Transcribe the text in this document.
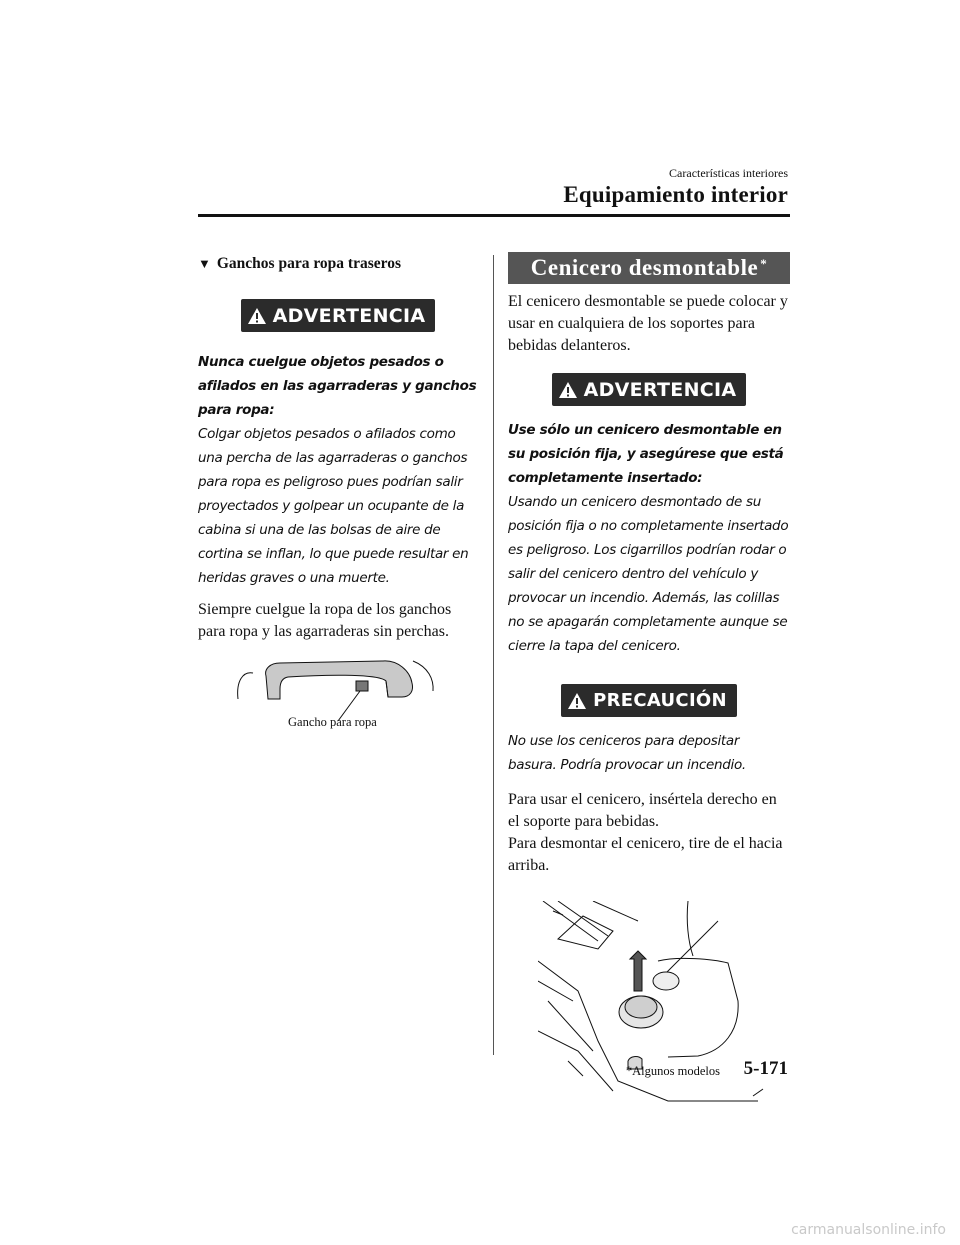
Características interiores
Equipamiento interior
▼ Ganchos para ropa traseros
ADVERTENCIA
Nunca cuelgue objetos pesados o afilados en las agarraderas y ganchos para ropa:
Colgar objetos pesados o afilados como una percha de las agarraderas o ganchos para ropa es peligroso pues podrían salir proyectados y golpear un ocupante de la cabina si una de las bolsas de aire de cortina se inflan, lo que puede resultar en heridas graves o una muerte.
Siempre cuelgue la ropa de los ganchos para ropa y las agarraderas sin perchas.
Gancho para ropa
Cenicero desmontable*
El cenicero desmontable se puede colocar y usar en cualquiera de los soportes para bebidas delanteros.
ADVERTENCIA
Use sólo un cenicero desmontable en su posición fija, y asegúrese que está completamente insertado:
Usando un cenicero desmontado de su posición fija o no completamente insertado es peligroso. Los cigarrillos podrían rodar o salir del cenicero dentro del vehículo y provocar un incendio. Además, las colillas no se apagarán completamente aunque se cierre la tapa del cenicero.
PRECAUCIÓN
No use los ceniceros para depositar basura. Podría provocar un incendio.
Para usar el cenicero, insértela derecho en el soporte para bebidas.
Para desmontar el cenicero, tire de el hacia arriba.
*Algunos modelos 5-171
carmanualsonline.info
